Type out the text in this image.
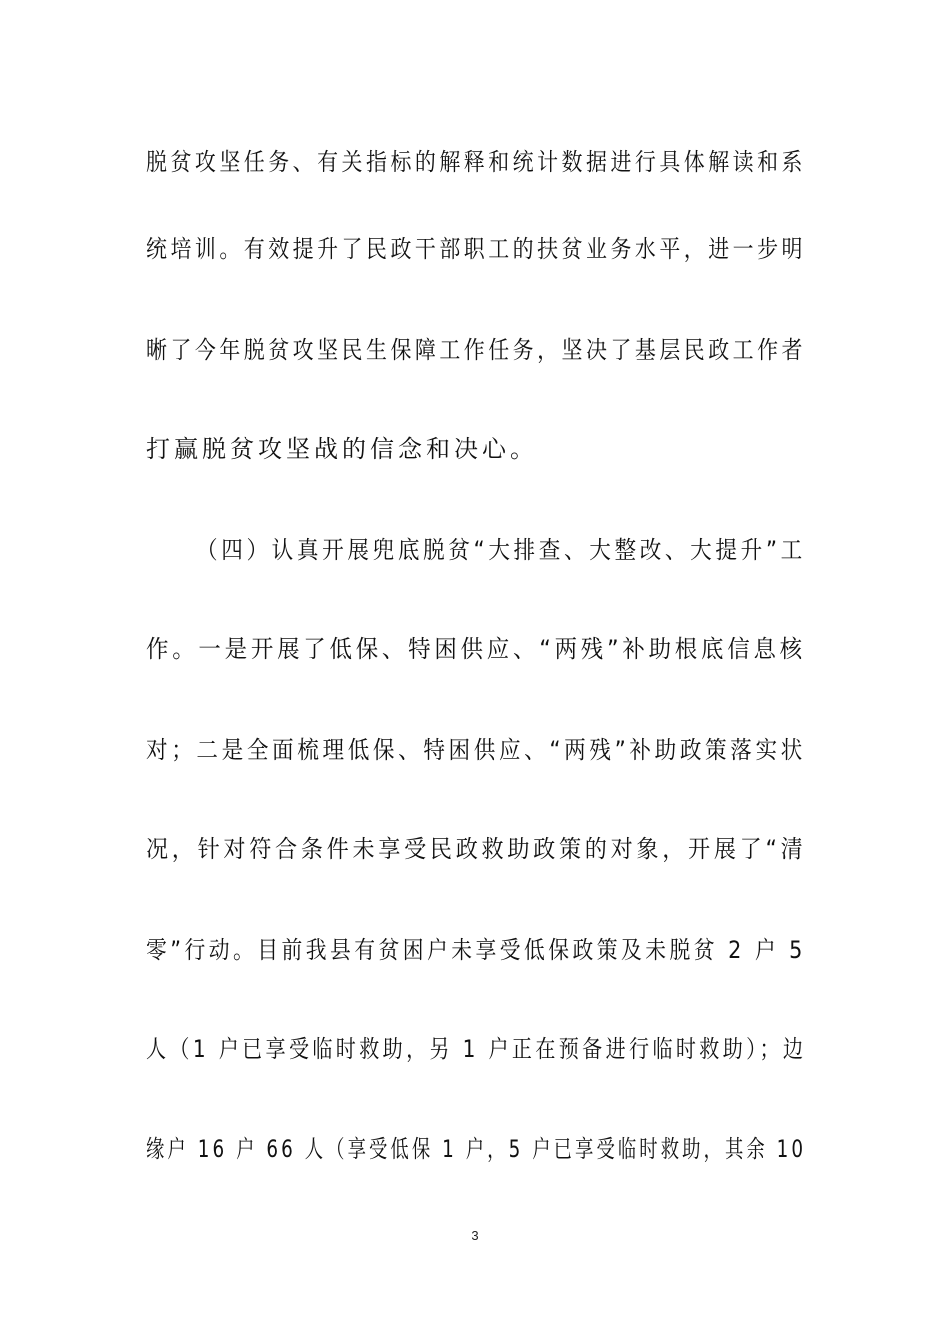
脱贫攻坚任务、有关指标的解释和统计数据进行具体解读和系
统培训。有效提升了民政干部职工的扶贫业务水平，进一步明
晰了今年脱贫攻坚民生保障工作任务，坚决了基层民政工作者
打赢脱贫攻坚战的信念和决心。
（四）认真开展兜底脱贫“大排查、大整改、大提升”工
作。一是开展了低保、特困供应、“两残”补助根底信息核
对；二是全面梳理低保、特困供应、“两残”补助政策落实状
况，针对符合条件未享受民政救助政策的对象，开展了“清
零”行动。目前我县有贫困户未享受低保政策及未脱贫 2 户 5
人（1 户已享受临时救助，另 1 户正在预备进行临时救助）；边
缘户 16 户 66 人（享受低保 1 户，5 户已享受临时救助，其余 10
3
